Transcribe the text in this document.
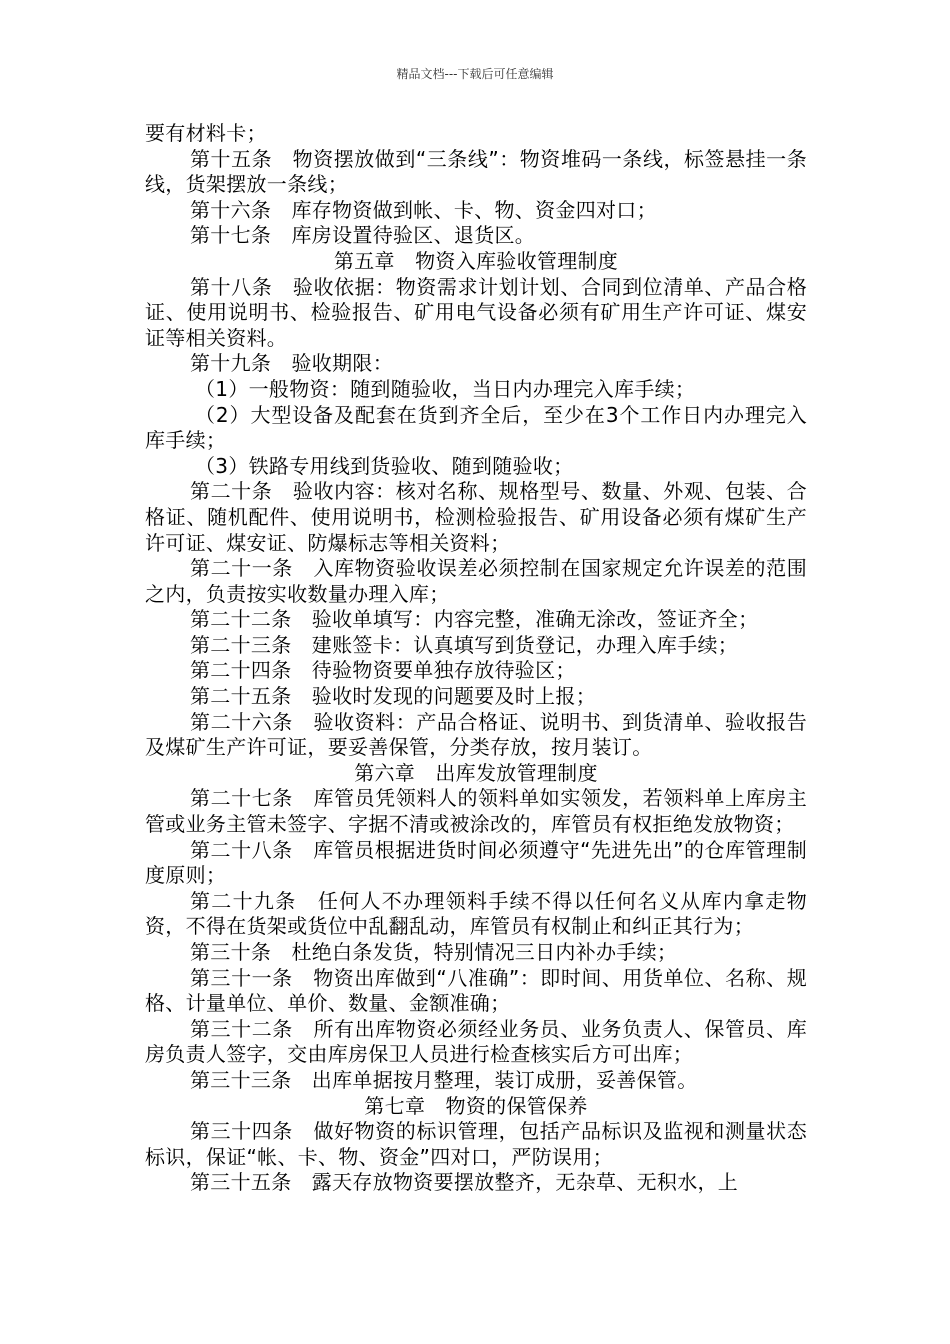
精品文档---下载后可任意编辑

要有材料卡；

第十五条　物资摆放做到“三条线”：物资堆码一条线，标签悬挂一条线，货架摆放一条线；

第十六条　库存物资做到帐、卡、物、资金四对口；

第十七条　库房设置待验区、退货区。

第五章　物资入库验收管理制度

第十八条　验收依据：物资需求计划计划、合同到位清单、产品合格证、使用说明书、检验报告、矿用电气设备必须有矿用生产许可证、煤安证等相关资料。

第十九条　验收期限：

（1）一般物资：随到随验收，当日内办理完入库手续；

（2）大型设备及配套在货到齐全后，至少在3个工作日内办理完入库手续；

（3）铁路专用线到货验收、随到随验收；

第二十条　验收内容：核对名称、规格型号、数量、外观、包装、合格证、随机配件、使用说明书，检测检验报告、矿用设备必须有煤矿生产许可证、煤安证、防爆标志等相关资料；

第二十一条　入库物资验收误差必须控制在国家规定允许误差的范围之内，负责按实收数量办理入库；

第二十二条　验收单填写：内容完整，准确无涂改，签证齐全；

第二十三条　建账签卡：认真填写到货登记，办理入库手续；

第二十四条　待验物资要单独存放待验区；

第二十五条　验收时发现的问题要及时上报；

第二十六条　验收资料：产品合格证、说明书、到货清单、验收报告及煤矿生产许可证，要妥善保管，分类存放，按月装订。

第六章　出库发放管理制度

第二十七条　库管员凭领料人的领料单如实领发，若领料单上库房主管或业务主管未签字、字据不清或被涂改的，库管员有权拒绝发放物资；

第二十八条　库管员根据进货时间必须遵守“先进先出”的仓库管理制度原则；

第二十九条　任何人不办理领料手续不得以任何名义从库内拿走物资，不得在货架或货位中乱翻乱动，库管员有权制止和纠正其行为；

第三十条　杜绝白条发货，特别情况三日内补办手续；

第三十一条　物资出库做到“八准确”：即时间、用货单位、名称、规格、计量单位、单价、数量、金额准确；

第三十二条　所有出库物资必须经业务员、业务负责人、保管员、库房负责人签字，交由库房保卫人员进行检查核实后方可出库；

第三十三条　出库单据按月整理，装订成册，妥善保管。

第七章　物资的保管保养

第三十四条　做好物资的标识管理，包括产品标识及监视和测量状态标识，保证“帐、卡、物、资金”四对口，严防误用；

第三十五条　露天存放物资要摆放整齐，无杂草、无积水，上
